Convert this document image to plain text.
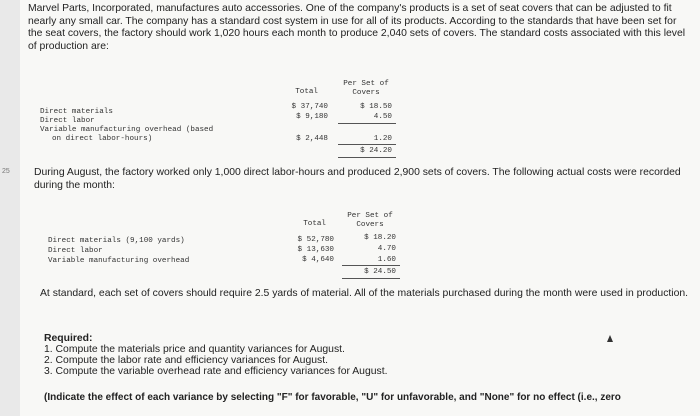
25
Marvel Parts, Incorporated, manufactures auto accessories. One of the company's products is a set of seat covers that can be adjusted to fit nearly any small car. The company has a standard cost system in use for all of its products. According to the standards that have been set for the seat covers, the factory should work 1,020 hours each month to produce 2,040 sets of covers. The standard costs associated with this level of production are:
Total
Per Set of
Covers
Direct materials
Direct labor
Variable manufacturing overhead (based
on direct labor-hours)
$ 37,740
$ 9,180
$ 2,448
$ 18.50
4.50
1.20
$ 24.20
During August, the factory worked only 1,000 direct labor-hours and produced 2,900 sets of covers. The following actual costs were recorded during the month:
Total
Per Set of
Covers
Direct materials (9,100 yards)
Direct labor
Variable manufacturing overhead
$ 52,780
$ 13,630
$ 4,640
$ 18.20
4.70
1.60
$ 24.50
At standard, each set of covers should require 2.5 yards of material. All of the materials purchased during the month were used in production.
Required:
1. Compute the materials price and quantity variances for August.
2. Compute the labor rate and efficiency variances for August.
3. Compute the variable overhead rate and efficiency variances for August.
(Indicate the effect of each variance by selecting "F" for favorable, "U" for unfavorable, and "None" for no effect (i.e., zero
